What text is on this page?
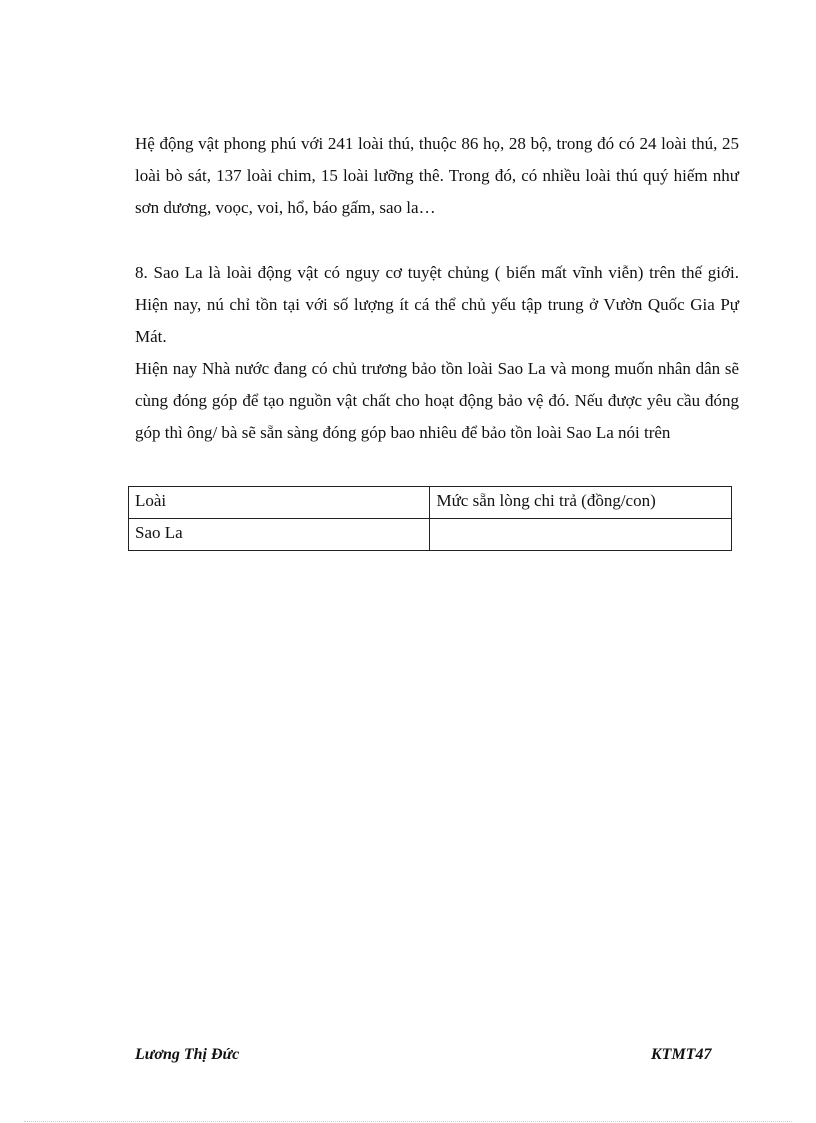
Hệ động vật phong phú với 241 loài thú, thuộc 86 họ, 28 bộ, trong đó có 24 loài thú, 25 loài bò sát, 137 loài chim, 15 loài lưỡng thê. Trong đó, có nhiều loài thú quý hiếm như sơn dương, voọc, voi, hổ, báo gấm, sao la…

8. Sao La là loài động vật có nguy cơ tuyệt chủng ( biến mất vĩnh viễn) trên thế giới. Hiện nay, nú chỉ tồn tại với số lượng ít cá thể chủ yếu tập trung ở Vườn Quốc Gia Pự Mát.

Hiện nay Nhà nước đang có chủ trương bảo tồn loài Sao La và mong muốn nhân dân sẽ cùng đóng góp để tạo nguồn vật chất cho hoạt động bảo vệ đó. Nếu được yêu cầu đóng góp thì ông/ bà sẽ sẵn sàng đóng góp bao nhiêu để bảo tồn loài Sao La nói trên

Loài	Mức sẵn lòng chi trả (đồng/con)
Sao La	
Lương Thị Đức	KTMT47
